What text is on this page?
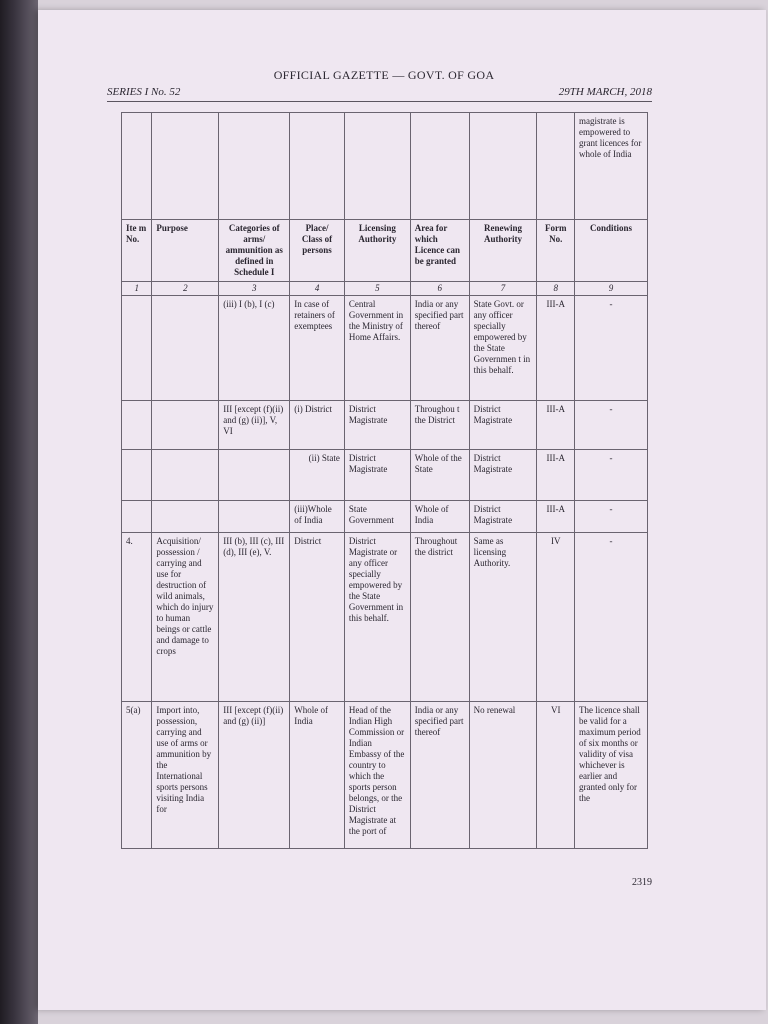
OFFICIAL GAZETTE — GOVT. OF GOA
SERIES I No. 52	29TH MARCH, 2018
								magistrate is empowered to grant licences for whole of India
Ite m No.	Purpose	Categories of arms/ ammunition as defined in Schedule I	Place/ Class of persons	Licensing Authority	Area for which Licence can be granted	Renewing Authority	Form No.	Conditions
1	2	3	4	5	6	7	8	9
		(iii) I (b), I (c)	In case of retainers of exemptees	Central Government in the Ministry of Home Affairs.	India or any specified part thereof	State Govt. or any officer specially empowered by the State Governmen t in this behalf.	III-A	-
		III [except (f)(ii) and (g) (ii)], V, VI	(i) District	District Magistrate	Throughou t the District	District Magistrate	III-A	-
			(ii) State	District Magistrate	Whole of the State	District Magistrate	III-A	-
			(iii)Whole of India	State Government	Whole of India	District Magistrate	III-A	-
4.	Acquisition/ possession / carrying and use for destruction of wild animals, which do injury to human beings or cattle and damage to crops	III (b), III (c), III (d), III (e), V.	District	District Magistrate or any officer specially empowered by the State Government in this behalf.	Throughout the district	Same as licensing Authority.	IV	-
5(a)	Import into, possession, carrying and use of arms or ammunition by the International sports persons visiting India for	III [except (f)(ii) and (g) (ii)]	Whole of India	Head of the Indian High Commission or Indian Embassy of the country to which the sports person belongs, or the District Magistrate at the port of	India or any specified part thereof	No renewal	VI	The licence shall be valid for a maximum period of six months or validity of visa whichever is earlier and granted only for the
2319
